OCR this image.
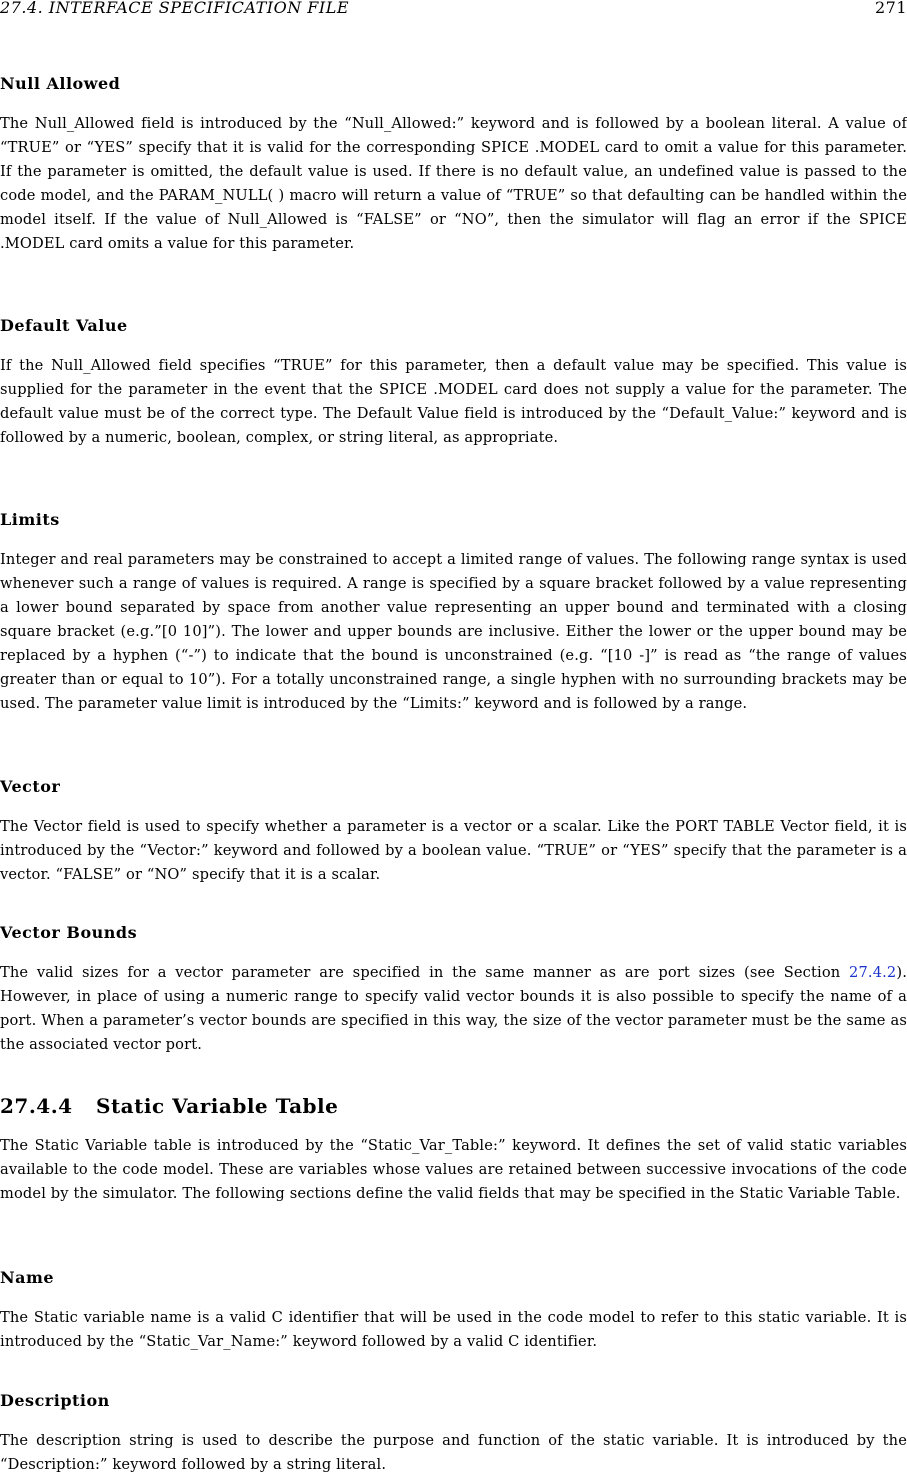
27.4. INTERFACE SPECIFICATION FILE	271
Null Allowed

The Null_Allowed field is introduced by the “Null_Allowed:” keyword and is followed by a boolean literal. A value of “TRUE” or “YES” specify that it is valid for the corresponding SPICE .MODEL card to omit a value for this parameter. If the parameter is omitted, the default value is used. If there is no default value, an undefined value is passed to the code model, and the PARAM_NULL( ) macro will return a value of “TRUE” so that defaulting can be handled within the model itself. If the value of Null_Allowed is “FALSE” or “NO”, then the simulator will flag an error if the SPICE .MODEL card omits a value for this parameter.

Default Value

If the Null_Allowed field specifies “TRUE” for this parameter, then a default value may be specified. This value is supplied for the parameter in the event that the SPICE .MODEL card does not supply a value for the parameter. The default value must be of the correct type. The Default Value field is introduced by the “Default_Value:” keyword and is followed by a numeric, boolean, complex, or string literal, as appropriate.

Limits

Integer and real parameters may be constrained to accept a limited range of values. The following range syntax is used whenever such a range of values is required. A range is specified by a square bracket followed by a value representing a lower bound separated by space from another value representing an upper bound and terminated with a closing square bracket (e.g.”[0 10]”). The lower and upper bounds are inclusive. Either the lower or the upper bound may be replaced by a hyphen (“-”) to indicate that the bound is unconstrained (e.g. “[10 -]” is read as “the range of values greater than or equal to 10”). For a totally unconstrained range, a single hyphen with no surrounding brackets may be used. The parameter value limit is introduced by the “Limits:” keyword and is followed by a range.

Vector

The Vector field is used to specify whether a parameter is a vector or a scalar. Like the PORT TABLE Vector field, it is introduced by the “Vector:” keyword and followed by a boolean value. “TRUE” or “YES” specify that the parameter is a vector. “FALSE” or “NO” specify that it is a scalar.

Vector Bounds

The valid sizes for a vector parameter are specified in the same manner as are port sizes (see Section 27.4.2). However, in place of using a numeric range to specify valid vector bounds it is also possible to specify the name of a port. When a parameter’s vector bounds are specified in this way, the size of the vector parameter must be the same as the associated vector port.

27.4.4 Static Variable Table

The Static Variable table is introduced by the “Static_Var_Table:” keyword. It defines the set of valid static variables available to the code model. These are variables whose values are retained between successive invocations of the code model by the simulator. The following sections define the valid fields that may be specified in the Static Variable Table.

Name

The Static variable name is a valid C identifier that will be used in the code model to refer to this static variable. It is introduced by the “Static_Var_Name:” keyword followed by a valid C identifier.

Description

The description string is used to describe the purpose and function of the static variable. It is introduced by the “Description:” keyword followed by a string literal.
